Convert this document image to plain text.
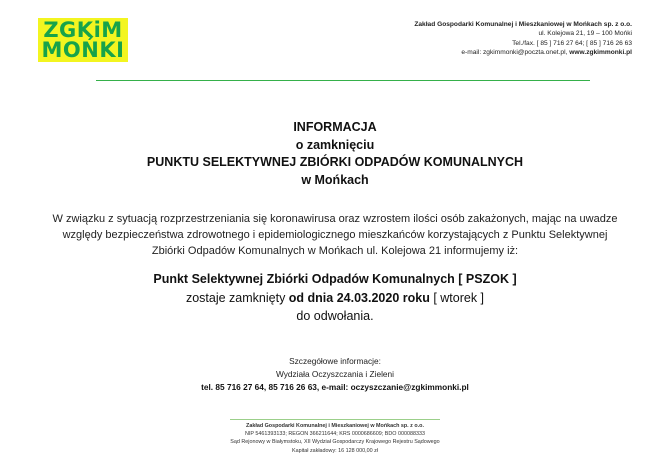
ZGKiM
MOŃKI
Zakład Gospodarki Komunalnej i Mieszkaniowej w Mońkach sp. z o.o.
ul. Kolejowa 21, 19 – 100 Mońki
Tel./fax. [ 85 ] 716 27 64; [ 85 ] 716 26 63
e-mail: zgkimmonki@poczta.onet.pl, www.zgkimmonki.pl
INFORMACJA
o zamknięciu
PUNKTU SELEKTYWNEJ ZBIÓRKI ODPADÓW KOMUNALNYCH
w Mońkach
W związku z sytuacją rozprzestrzeniania się koronawirusa oraz wzrostem ilości osób zakażonych, mając na uwadze
względy bezpieczeństwa zdrowotnego i epidemiologicznego mieszkańców korzystających z Punktu Selektywnej
Zbiórki Odpadów Komunalnych w Mońkach ul. Kolejowa 21 informujemy iż:
Punkt Selektywnej Zbiórki Odpadów Komunalnych [ PSZOK ]
zostaje zamknięty od dnia 24.03.2020 roku [ wtorek ]
do odwołania.
Szczegółowe informacje:
Wydziała Oczyszczania i Zieleni
tel. 85 716 27 64, 85 716 26 63, e-mail: oczyszczanie@zgkimmonki.pl
Zakład Gospodarki Komunalnej i Mieszkaniowej w Mońkach sp. z o.o.
NIP 5461393133; REGON 366211644; KRS 0000686609; BDO 000088333
Sąd Rejonowy w Białymstoku, XII Wydział Gospodarczy Krajowego Rejestru Sądowego
Kapitał zakładowy: 16 128 000,00 zł
